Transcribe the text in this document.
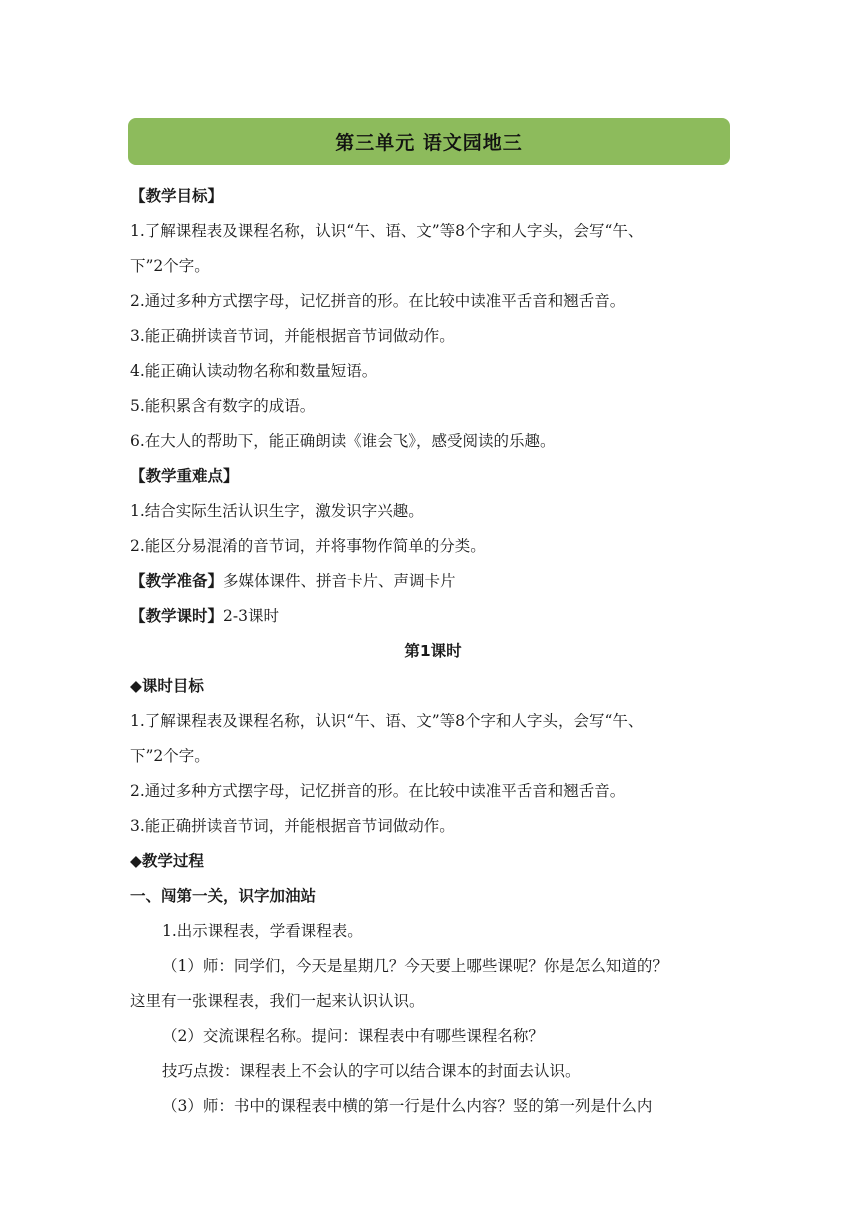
第三单元 语文园地三
【教学目标】
1.了解课程表及课程名称，认识“午、语、文”等8个字和人字头，会写“午、
下”2个字。
2.通过多种方式摆字母，记忆拼音的形。在比较中读准平舌音和翘舌音。
3.能正确拼读音节词，并能根据音节词做动作。
4.能正确认读动物名称和数量短语。
5.能积累含有数字的成语。
6.在大人的帮助下，能正确朗读《谁会飞》，感受阅读的乐趣。
【教学重难点】
1.结合实际生活认识生字，激发识字兴趣。
2.能区分易混淆的音节词，并将事物作简单的分类。
【教学准备】多媒体课件、拼音卡片、声调卡片
【教学课时】2-3课时
第1课时
◆课时目标
1.了解课程表及课程名称，认识“午、语、文”等8个字和人字头，会写“午、
下”2个字。
2.通过多种方式摆字母，记忆拼音的形。在比较中读准平舌音和翘舌音。
3.能正确拼读音节词，并能根据音节词做动作。
◆教学过程
一、闯第一关，识字加油站
1.出示课程表，学看课程表。
（1）师：同学们，今天是星期几？今天要上哪些课呢？你是怎么知道的？
这里有一张课程表，我们一起来认识认识。
（2）交流课程名称。提问：课程表中有哪些课程名称？
技巧点拨：课程表上不会认的字可以结合课本的封面去认识。
（3）师：书中的课程表中横的第一行是什么内容？竖的第一列是什么内
